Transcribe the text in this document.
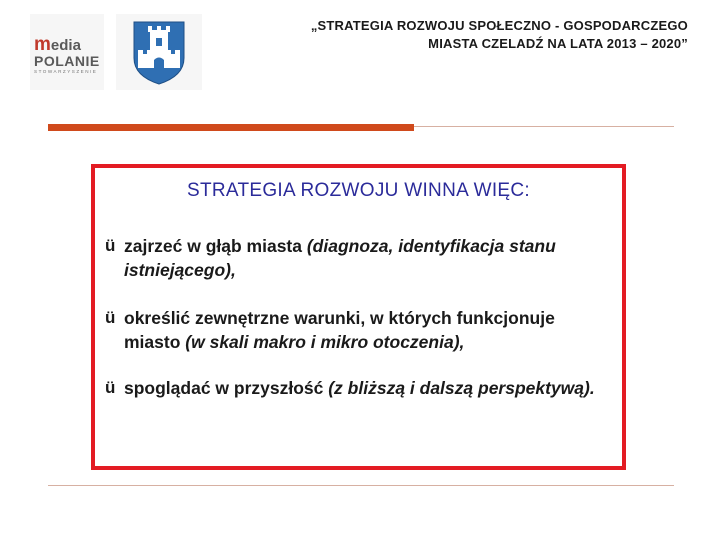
media
POLANIE
STOWARZYSZENIE
„STRATEGIA ROZWOJU SPOŁECZNO - GOSPODARCZEGO
MIASTA CZELADŹ NA LATA 2013 – 2020”
STRATEGIA ROZWOJU WINNA WIĘC:
ü zajrzeć w głąb miasta (diagnoza, identyfikacja stanu istniejącego),
ü określić zewnętrzne warunki, w których funkcjonuje miasto (w skali makro i mikro otoczenia),
ü spoglądać w przyszłość (z bliższą i dalszą perspektywą).
